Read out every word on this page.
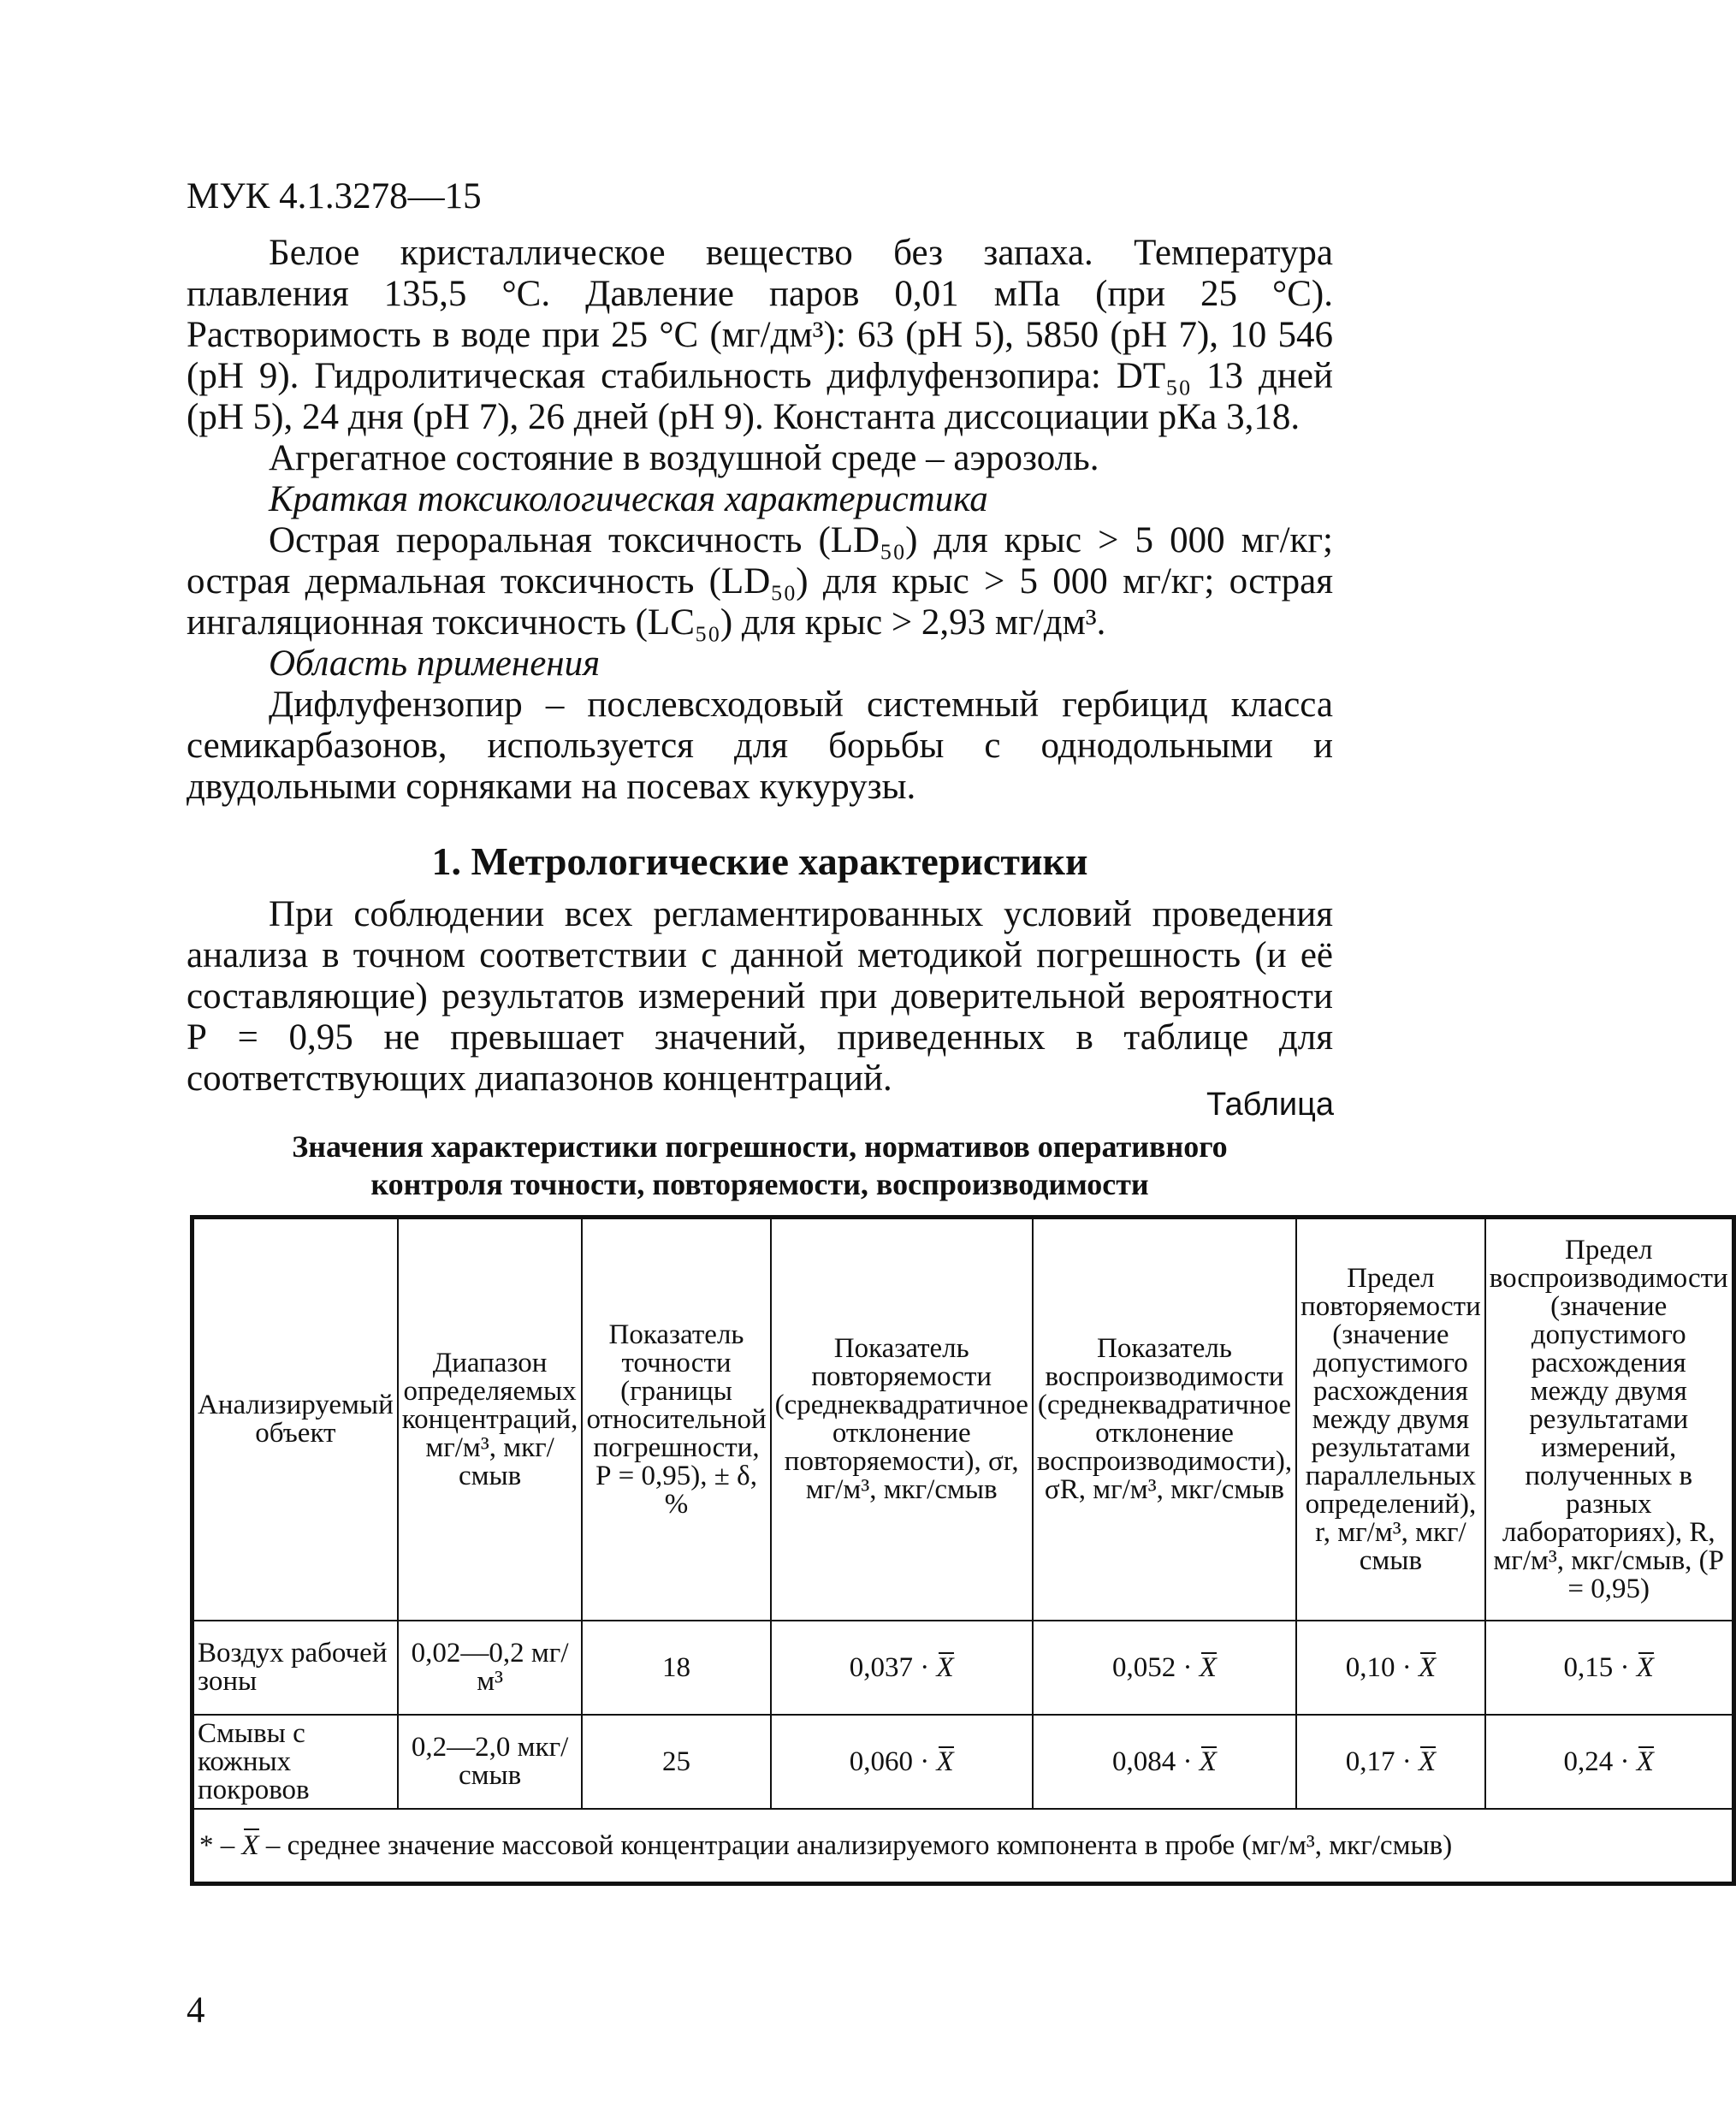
МУК 4.1.3278—15

Белое кристаллическое вещество без запаха. Температура плавления 135,5 °С. Давление паров 0,01 мПа (при 25 °С). Растворимость в воде при 25 °С (мг/дм³): 63 (рН 5), 5850 (рН 7), 10 546 (рН 9). Гидролитическая стабильность дифлуфензопира: DT₅₀ 13 дней (рН 5), 24 дня (рН 7), 26 дней (рН 9). Константа диссоциации рКа 3,18.

Агрегатное состояние в воздушной среде – аэрозоль.

Краткая токсикологическая характеристика

Острая пероральная токсичность (LD₅₀) для крыс > 5 000 мг/кг; острая дермальная токсичность (LD₅₀) для крыс > 5 000 мг/кг; острая ингаляционная токсичность (LC₅₀) для крыс > 2,93 мг/дм³.

Область применения

Дифлуфензопир – послевсходовый системный гербицид класса семикарбазонов, используется для борьбы с однодольными и двудольными сорняками на посевах кукурузы.

1. Метрологические характеристики

При соблюдении всех регламентированных условий проведения анализа в точном соответствии с данной методикой погрешность (и её составляющие) результатов измерений при доверительной вероятности Р = 0,95 не превышает значений, приведенных в таблице для соответствующих диапазонов концентраций.

Таблица
Значения характеристики погрешности, нормативов оперативного
контроля точности, повторяемости, воспроизводимости
Анализируемый объект	Диапазон определяемых концентраций, мг/м³, мкг/смыв	Показатель точности (границы относительной погрешности, Р = 0,95), ± δ, %	Показатель повторяемости (среднеквадратичное отклонение повторяемости), σr, мг/м³, мкг/смыв	Показатель воспроизводимости (среднеквадратичное отклонение воспроизводимости), σR, мг/м³, мкг/смыв	Предел повторяемости (значение допустимого расхождения между двумя результатами параллельных определений), r, мг/м³, мкг/смыв	Предел воспроизводимости (значение допустимого расхождения между двумя результатами измерений, полученных в разных лабораториях), R, мг/м³, мкг/смыв, (Р = 0,95)
Воздух рабочей зоны	0,02—0,2 мг/м³	18	0,037 · X	0,052 · X	0,10 · X	0,15 · X
Смывы с кожных покровов	0,2—2,0 мкг/смыв	25	0,060 · X	0,084 · X	0,17 · X	0,24 · X
* – X – среднее значение массовой концентрации анализируемого компонента в пробе (мг/м³, мкг/смыв)						
4
